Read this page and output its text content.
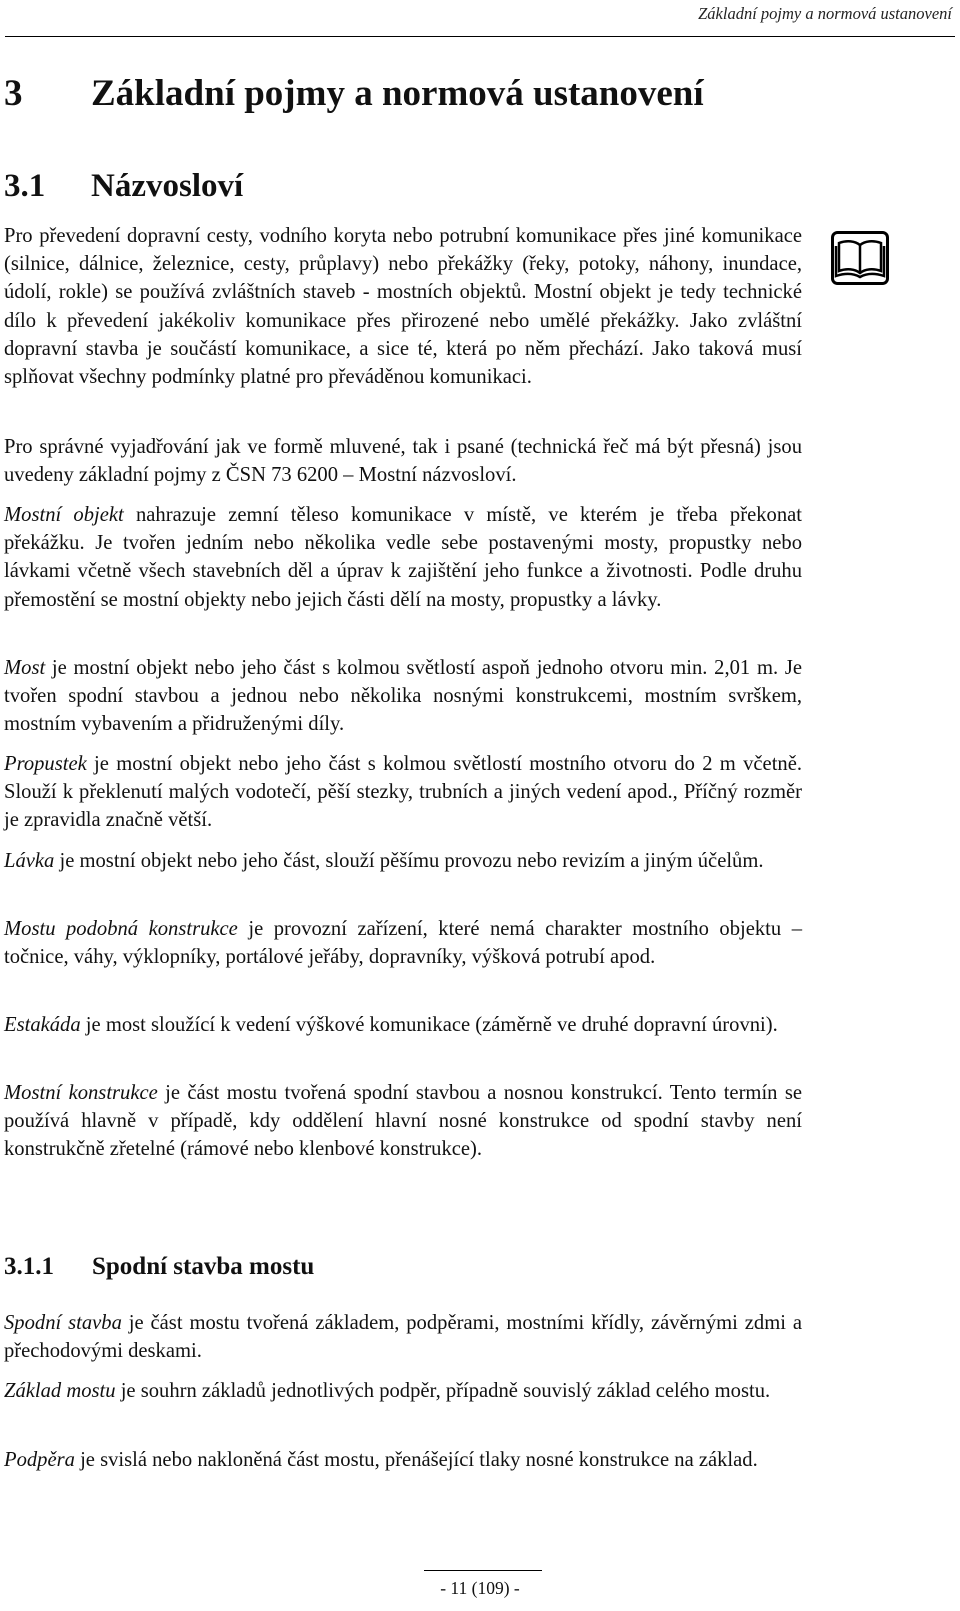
Základní pojmy a normová ustanovení
3 Základní pojmy a normová ustanovení
3.1 Názvosloví

Pro převedení dopravní cesty, vodního koryta nebo potrubní komunikace přes jiné komunikace (silnice, dálnice, železnice, cesty, průplavy) nebo překážky (řeky, potoky, náhony, inundace, údolí, rokle) se používá zvláštních staveb - mostních objektů. Mostní objekt je tedy technické dílo k převedení jakékoliv komunikace přes přirozené nebo umělé překážky. Jako zvláštní dopravní stavba je součástí komunikace, a sice té, která po něm přechází. Jako taková musí splňovat všechny podmínky platné pro převáděnou komunikaci.

Pro správné vyjadřování jak ve formě mluvené, tak i psané (technická řeč má být přesná) jsou uvedeny základní pojmy z ČSN 73 6200 – Mostní názvosloví.

Mostní objekt nahrazuje zemní těleso komunikace v místě, ve kterém je třeba překonat překážku. Je tvořen jedním nebo několika vedle sebe postavenými mosty, propustky nebo lávkami včetně všech stavebních děl a úprav k zajištění jeho funkce a životnosti. Podle druhu přemostění se mostní objekty nebo jejich části dělí na mosty, propustky a lávky.

Most je mostní objekt nebo jeho část s kolmou světlostí aspoň jednoho otvoru min. 2,01 m. Je tvořen spodní stavbou a jednou nebo několika nosnými konstrukcemi, mostním svrškem, mostním vybavením a přidruženými díly.

Propustek je mostní objekt nebo jeho část s kolmou světlostí mostního otvoru do 2 m včetně. Slouží k překlenutí malých vodotečí, pěší stezky, trubních a jiných vedení apod., Příčný rozměr je zpravidla značně větší.

Lávka je mostní objekt nebo jeho část, slouží pěšímu provozu nebo revizím a jiným účelům.

Mostu podobná konstrukce je provozní zařízení, které nemá charakter mostního objektu – točnice, váhy, výklopníky, portálové jeřáby, dopravníky, výšková potrubí apod.

Estakáda je most sloužící k vedení výškové komunikace (záměrně ve druhé dopravní úrovni).

Mostní konstrukce je část mostu tvořená spodní stavbou a nosnou konstrukcí. Tento termín se používá hlavně v případě, kdy oddělení hlavní nosné konstrukce od spodní stavby není konstrukčně zřetelné (rámové nebo klenbové konstrukce).

3.1.1 Spodní stavba mostu

Spodní stavba je část mostu tvořená základem, podpěrami, mostními křídly, závěrnými zdmi a přechodovými deskami.

Základ mostu je souhrn základů jednotlivých podpěr, případně souvislý základ celého mostu.

Podpěra je svislá nebo nakloněná část mostu, přenášející tlaky nosné konstrukce na základ.

- 11 (109) -
